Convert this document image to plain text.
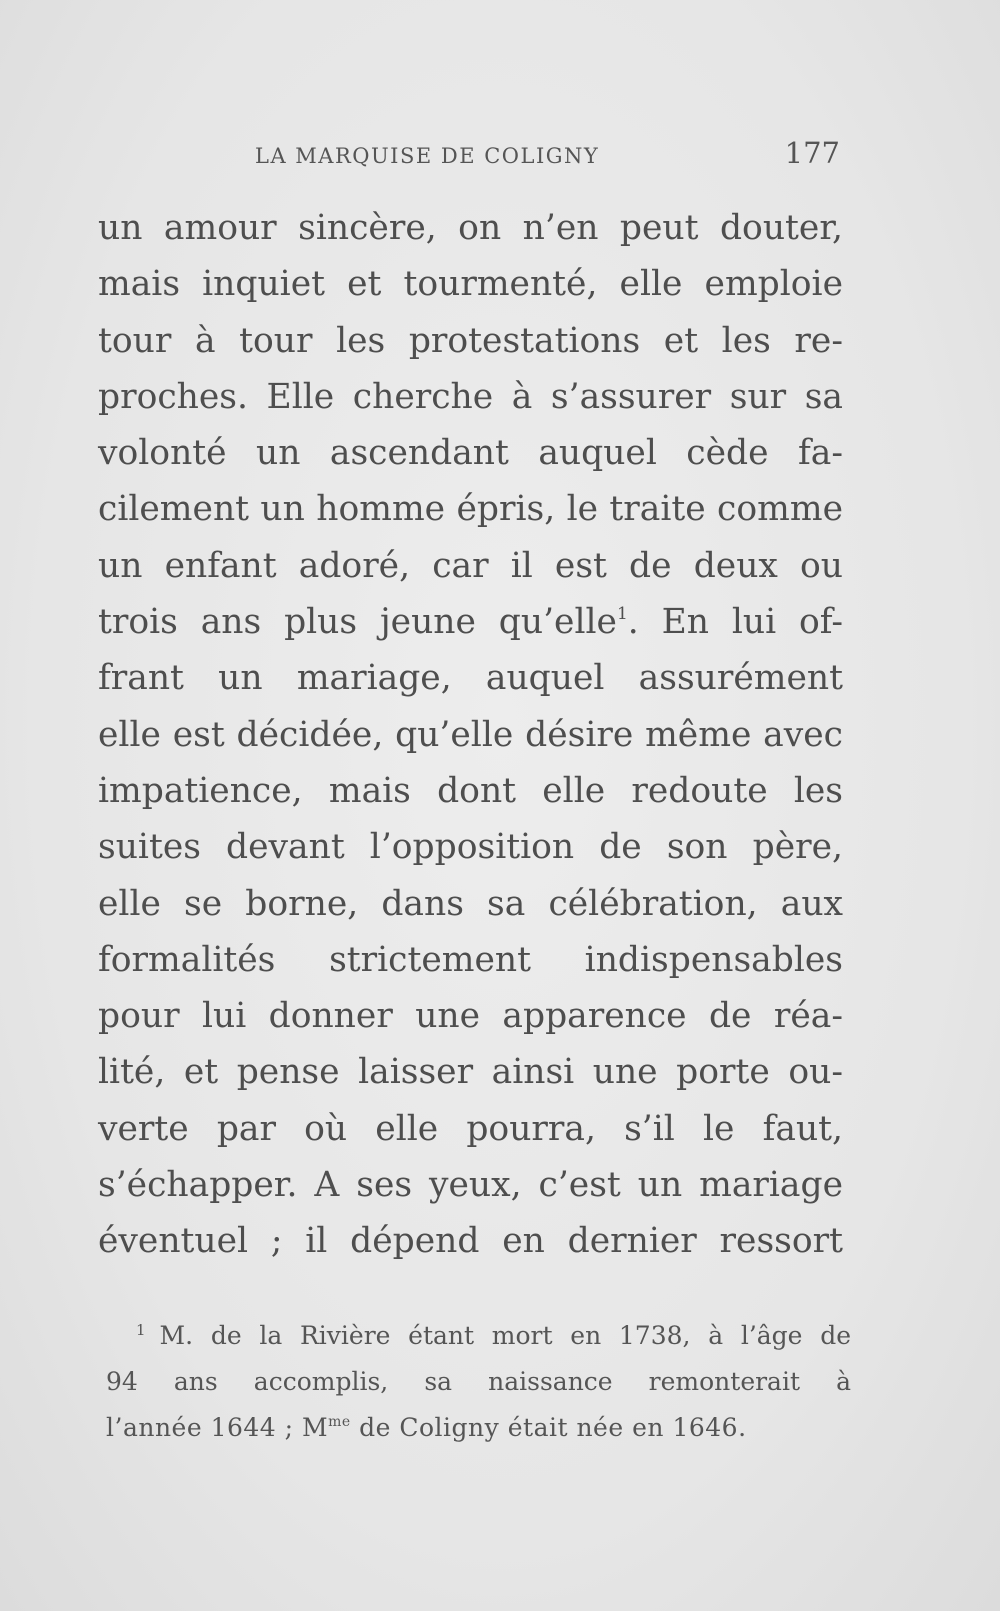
LA MARQUISE DE COLIGNY	177
un amour sincère, on n’en peut douter,
mais inquiet et tourmenté, elle emploie
tour à tour les protestations et les re-
proches. Elle cherche à s’assurer sur sa
volonté un ascendant auquel cède fa-
cilement un homme épris, le traite comme
un enfant adoré, car il est de deux ou
trois ans plus jeune qu’elle$^1$. En lui of-
frant un mariage, auquel assurément
elle est décidée, qu’elle désire même avec
impatience, mais dont elle redoute les
suites devant l’opposition de son père,
elle se borne, dans sa célébration, aux
formalités strictement indispensables
pour lui donner une apparence de réa-
lité, et pense laisser ainsi une porte ou-
verte par où elle pourra, s’il le faut,
s’échapper. A ses yeux, c’est un mariage
éventuel ; il dépend en dernier ressort
$^1$ M. de la Rivière étant mort en 1738, à l’âge de
94 ans accomplis, sa naissance remonterait à
l’année 1644 ; $M^{me}$ de Coligny était née en 1646.
